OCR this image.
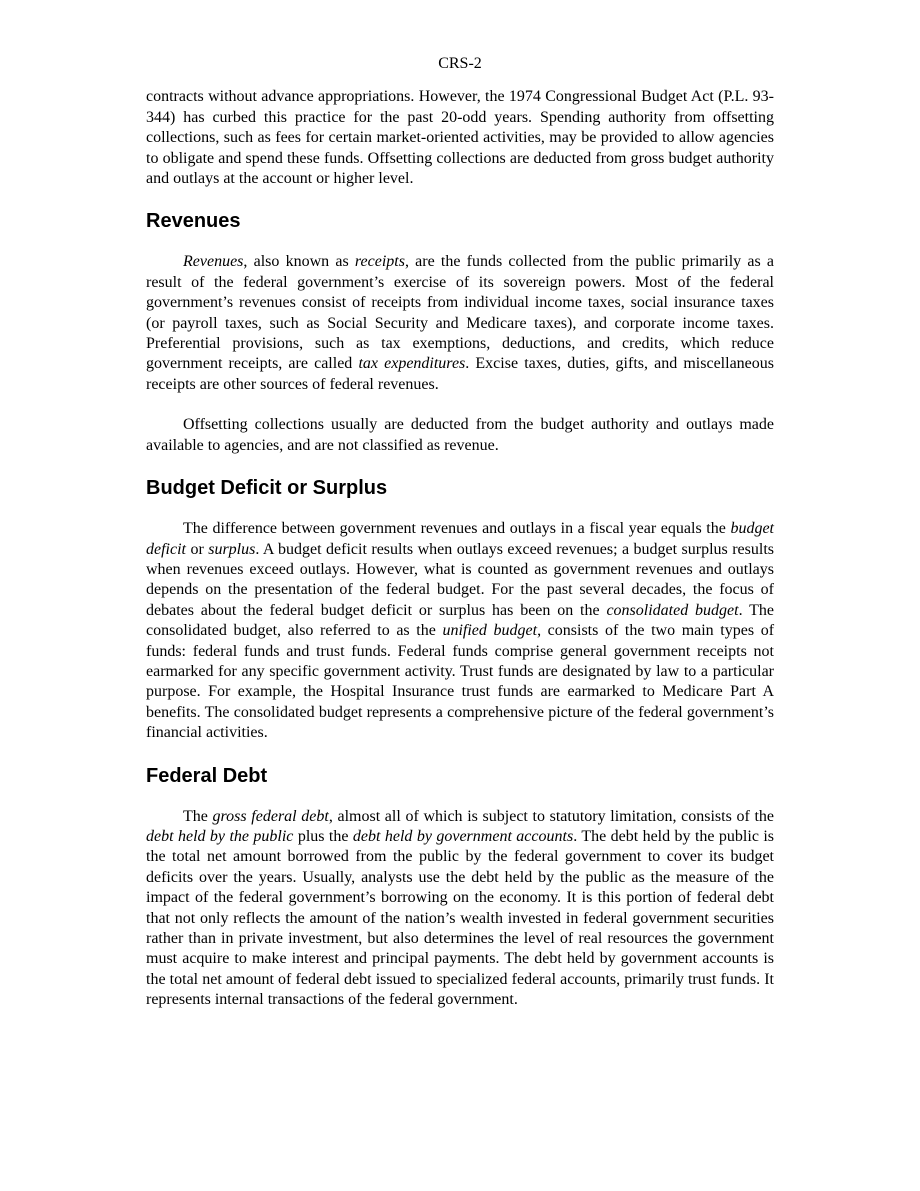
CRS-2

contracts without advance appropriations. However, the 1974 Congressional Budget Act (P.L. 93-344) has curbed this practice for the past 20-odd years. Spending authority from offsetting collections, such as fees for certain market-oriented activities, may be provided to allow agencies to obligate and spend these funds. Offsetting collections are deducted from gross budget authority and outlays at the account or higher level.

Revenues

Revenues, also known as receipts, are the funds collected from the public primarily as a result of the federal government’s exercise of its sovereign powers. Most of the federal government’s revenues consist of receipts from individual income taxes, social insurance taxes (or payroll taxes, such as Social Security and Medicare taxes), and corporate income taxes. Preferential provisions, such as tax exemptions, deductions, and credits, which reduce government receipts, are called tax expenditures. Excise taxes, duties, gifts, and miscellaneous receipts are other sources of federal revenues.

Offsetting collections usually are deducted from the budget authority and outlays made available to agencies, and are not classified as revenue.

Budget Deficit or Surplus

The difference between government revenues and outlays in a fiscal year equals the budget deficit or surplus. A budget deficit results when outlays exceed revenues; a budget surplus results when revenues exceed outlays. However, what is counted as government revenues and outlays depends on the presentation of the federal budget. For the past several decades, the focus of debates about the federal budget deficit or surplus has been on the consolidated budget. The consolidated budget, also referred to as the unified budget, consists of the two main types of funds: federal funds and trust funds. Federal funds comprise general government receipts not earmarked for any specific government activity. Trust funds are designated by law to a particular purpose. For example, the Hospital Insurance trust funds are earmarked to Medicare Part A benefits. The consolidated budget represents a comprehensive picture of the federal government’s financial activities.

Federal Debt

The gross federal debt, almost all of which is subject to statutory limitation, consists of the debt held by the public plus the debt held by government accounts. The debt held by the public is the total net amount borrowed from the public by the federal government to cover its budget deficits over the years. Usually, analysts use the debt held by the public as the measure of the impact of the federal government’s borrowing on the economy. It is this portion of federal debt that not only reflects the amount of the nation’s wealth invested in federal government securities rather than in private investment, but also determines the level of real resources the government must acquire to make interest and principal payments. The debt held by government accounts is the total net amount of federal debt issued to specialized federal accounts, primarily trust funds. It represents internal transactions of the federal government.
